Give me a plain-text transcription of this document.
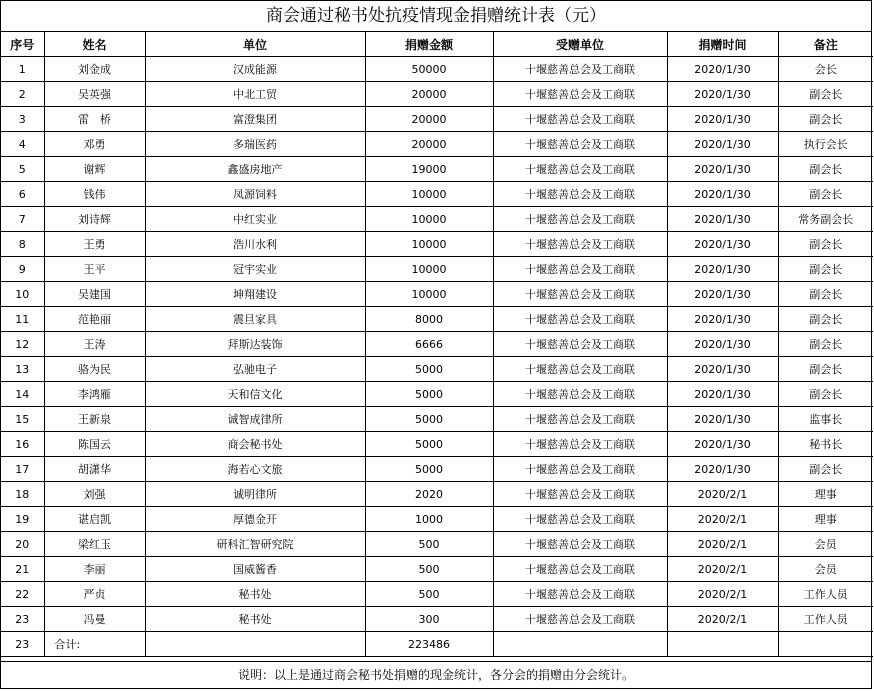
商会通过秘书处抗疫情现金捐赠统计表（元）
序号	姓名	单位	捐赠金额	受赠单位	捐赠时间	备注
1	刘金成	汉成能源	50000	十堰慈善总会及工商联	2020/1/30	会长
2	吴英强	中北工贸	20000	十堰慈善总会及工商联	2020/1/30	副会长
3	雷　桥	富澄集团	20000	十堰慈善总会及工商联	2020/1/30	副会长
4	邓勇	多瑞医药	20000	十堰慈善总会及工商联	2020/1/30	执行会长
5	谢辉	鑫盛房地产	19000	十堰慈善总会及工商联	2020/1/30	副会长
6	钱伟	凤源饲料	10000	十堰慈善总会及工商联	2020/1/30	副会长
7	刘诗辉	中红实业	10000	十堰慈善总会及工商联	2020/1/30	常务副会长
8	王勇	浩川水利	10000	十堰慈善总会及工商联	2020/1/30	副会长
9	王平	冠宇实业	10000	十堰慈善总会及工商联	2020/1/30	副会长
10	吴建国	坤翔建设	10000	十堰慈善总会及工商联	2020/1/30	副会长
11	范艳丽	震旦家具	8000	十堰慈善总会及工商联	2020/1/30	副会长
12	王涛	拜斯达装饰	6666	十堰慈善总会及工商联	2020/1/30	副会长
13	骆为民	弘驰电子	5000	十堰慈善总会及工商联	2020/1/30	副会长
14	李鸿雁	天和信文化	5000	十堰慈善总会及工商联	2020/1/30	副会长
15	王新泉	诚智成律所	5000	十堰慈善总会及工商联	2020/1/30	监事长
16	陈国云	商会秘书处	5000	十堰慈善总会及工商联	2020/1/30	秘书长
17	胡潇华	海若心文旅	5000	十堰慈善总会及工商联	2020/1/30	副会长
18	刘强	诚明律所	2020	十堰慈善总会及工商联	2020/2/1	理事
19	谌启凯	厚德金开	1000	十堰慈善总会及工商联	2020/2/1	理事
20	梁红玉	研科汇智研究院	500	十堰慈善总会及工商联	2020/2/1	会员
21	李丽	国威酱香	500	十堰慈善总会及工商联	2020/2/1	会员
22	严贞	秘书处	500	十堰慈善总会及工商联	2020/2/1	工作人员
23	冯曼	秘书处	300	十堰慈善总会及工商联	2020/2/1	工作人员
23	合计:		223486			
说明：以上是通过商会秘书处捐赠的现金统计，各分会的捐赠由分会统计。
